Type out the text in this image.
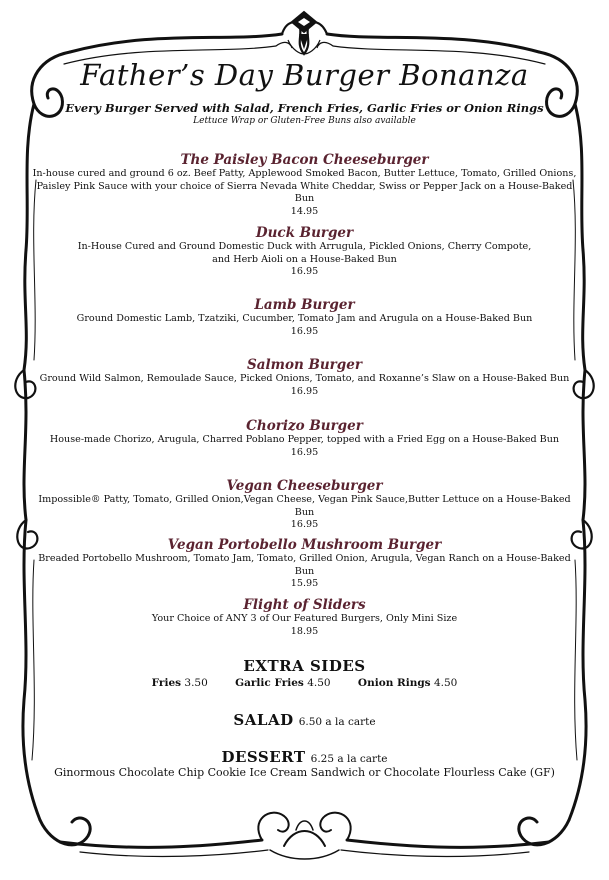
Father’s Day Burger Bonanza
Every Burger Served with Salad, French Fries, Garlic Fries or Onion Rings
Lettuce Wrap or Gluten-Free Buns also available
The Paisley Bacon Cheeseburger
In-house cured and ground 6 oz. Beef Patty, Applewood Smoked Bacon, Butter Lettuce, Tomato, Grilled Onions,
Paisley Pink Sauce with your choice of Sierra Nevada White Cheddar, Swiss or Pepper Jack on a House-Baked Bun
14.95
Duck Burger
In-House Cured and Ground Domestic Duck with Arrugula, Pickled Onions, Cherry Compote,
and Herb Aioli on a House-Baked Bun
16.95
Lamb Burger
Ground Domestic Lamb, Tzatziki, Cucumber, Tomato Jam and Arugula on a House-Baked Bun
16.95
Salmon Burger
Ground Wild Salmon, Remoulade Sauce, Picked Onions, Tomato, and Roxanne’s Slaw on a House-Baked Bun
16.95
Chorizo Burger
House-made Chorizo, Arugula, Charred Poblano Pepper, topped with a Fried Egg on a House-Baked Bun
16.95
Vegan Cheeseburger
Impossible® Patty, Tomato, Grilled Onion,Vegan Cheese, Vegan Pink Sauce,Butter Lettuce on a House-Baked Bun
16.95
Vegan Portobello Mushroom Burger
Breaded Portobello Mushroom, Tomato Jam, Tomato, Grilled Onion, Arugula, Vegan Ranch on a House-Baked Bun
15.95
Flight of Sliders
Your Choice of ANY 3 of Our Featured Burgers, Only Mini Size
18.95
EXTRA SIDES
Fries 3.50	Garlic Fries 4.50	Onion Rings 4.50
SALAD 6.50 a la carte
DESSERT 6.25 a la carte
Ginormous Chocolate Chip Cookie Ice Cream Sandwich or Chocolate Flourless Cake (GF)
